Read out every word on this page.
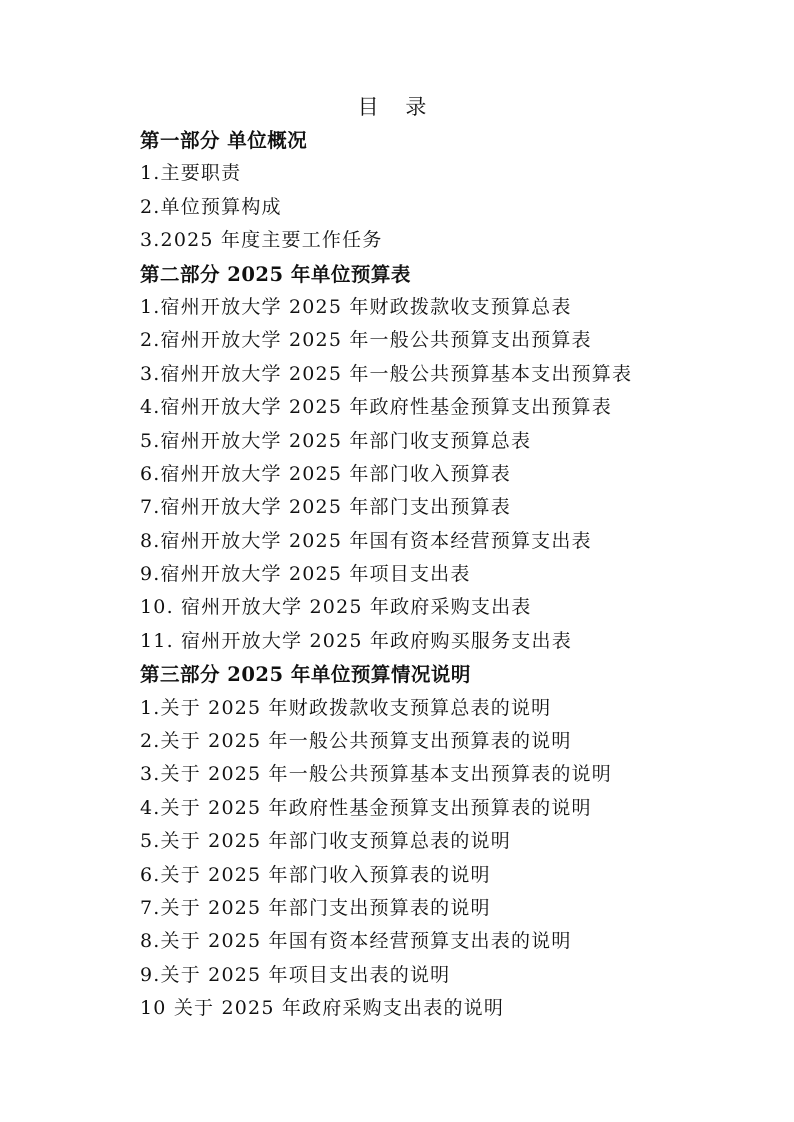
目 录
第一部分 单位概况
1.主要职责
2.单位预算构成
3.2025 年度主要工作任务
第二部分 2025 年单位预算表
1.宿州开放大学 2025 年财政拨款收支预算总表
2.宿州开放大学 2025 年一般公共预算支出预算表
3.宿州开放大学 2025 年一般公共预算基本支出预算表
4.宿州开放大学 2025 年政府性基金预算支出预算表
5.宿州开放大学 2025 年部门收支预算总表
6.宿州开放大学 2025 年部门收入预算表
7.宿州开放大学 2025 年部门支出预算表
8.宿州开放大学 2025 年国有资本经营预算支出表
9.宿州开放大学 2025 年项目支出表
10. 宿州开放大学 2025 年政府采购支出表
11. 宿州开放大学 2025 年政府购买服务支出表
第三部分 2025 年单位预算情况说明
1.关于 2025 年财政拨款收支预算总表的说明
2.关于 2025 年一般公共预算支出预算表的说明
3.关于 2025 年一般公共预算基本支出预算表的说明
4.关于 2025 年政府性基金预算支出预算表的说明
5.关于 2025 年部门收支预算总表的说明
6.关于 2025 年部门收入预算表的说明
7.关于 2025 年部门支出预算表的说明
8.关于 2025 年国有资本经营预算支出表的说明
9.关于 2025 年项目支出表的说明
10 关于 2025 年政府采购支出表的说明
